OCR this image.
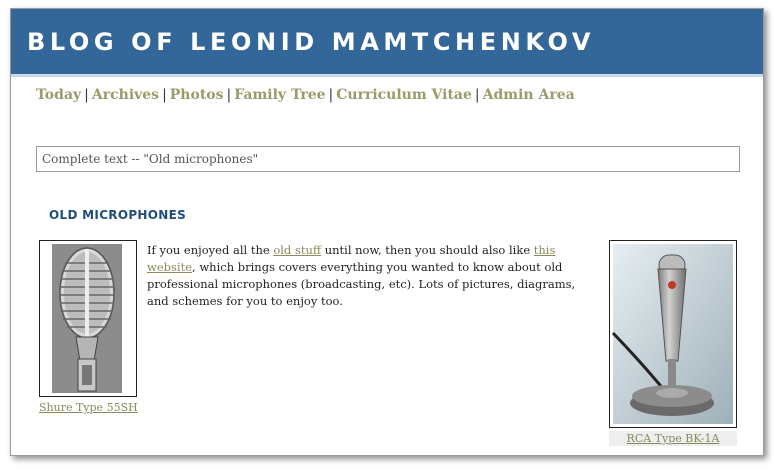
BLOG OF LEONID MAMTCHENKOV
Today | Archives | Photos | Family Tree | Curriculum Vitae | Admin Area
Complete text -- "Old microphones"
OLD MICROPHONES
Shure Type 55SH
If you enjoyed all the old stuff until now, then you should also like this website, which brings covers everything you wanted to know about old professional microphones (broadcasting, etc). Lots of pictures, diagrams, and schemes for you to enjoy too.
RCA Type BK-1A
